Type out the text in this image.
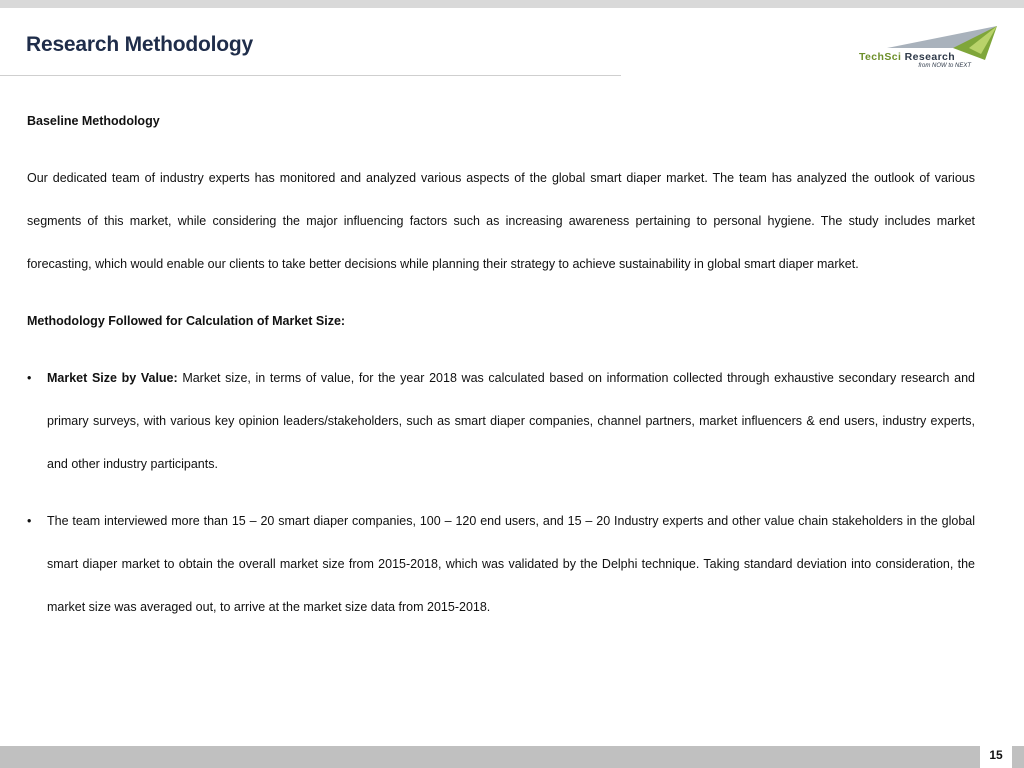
Research Methodology
TechSci Research
from NOW to NEXT

Baseline Methodology

Our dedicated team of industry experts has monitored and analyzed various aspects of the global smart diaper market. The team has analyzed the outlook of various segments of this market, while considering the major influencing factors such as increasing awareness pertaining to personal hygiene. The study includes market forecasting, which would enable our clients to take better decisions while planning their strategy to achieve sustainability in global smart diaper market.

Methodology Followed for Calculation of Market Size:

• Market Size by Value: Market size, in terms of value, for the year 2018 was calculated based on information collected through exhaustive secondary research and primary surveys, with various key opinion leaders/stakeholders, such as smart diaper companies, channel partners, market influencers & end users, industry experts, and other industry participants.
• The team interviewed more than 15 – 20 smart diaper companies, 100 – 120 end users, and 15 – 20 Industry experts and other value chain stakeholders in the global smart diaper market to obtain the overall market size from 2015-2018, which was validated by the Delphi technique. Taking standard deviation into consideration, the market size was averaged out, to arrive at the market size data from 2015-2018.
15
